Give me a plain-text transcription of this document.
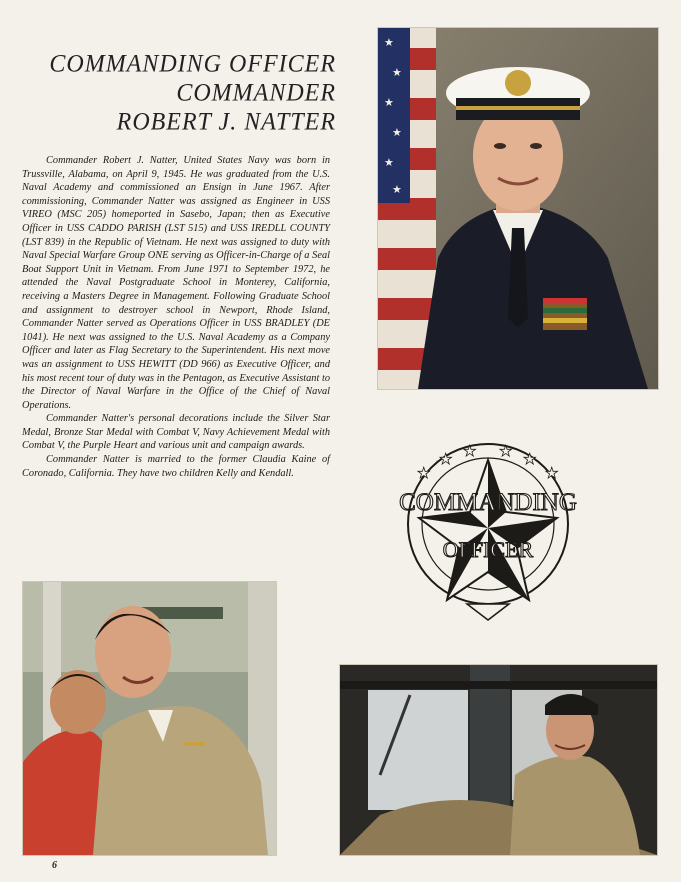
COMMANDING OFFICER
COMMANDER
ROBERT J. NATTER

Commander Robert J. Natter, United States Navy was born in Trussville, Alabama, on April 9, 1945. He was graduated from the U.S. Naval Academy and commissioned an Ensign in June 1967. After commissioning, Commander Natter was assigned as Engineer in USS VIREO (MSC 205) homeported in Sasebo, Japan; then as Executive Officer in USS CADDO PARISH (LST 515) and USS IREDLL COUNTY (LST 839) in the Republic of Vietnam. He next was assigned to duty with Naval Special Warfare Group ONE serving as Officer-in-Charge of a Seal Boat Support Unit in Vietnam. From June 1971 to September 1972, he attended the Naval Postgraduate School in Monterey, California, receiving a Masters Degree in Management. Following Graduate School and assignment to destroyer school in Newport, Rhode Island, Commander Natter served as Operations Officer in USS BRADLEY (DE 1041). He next was assigned to the U.S. Naval Academy as a Company Officer and later as Flag Secretary to the Superintendent. His next move was an assignment to USS HEWITT (DD 966) as Executive Officer, and his most recent tour of duty was in the Pentagon, as Executive Assistant to the Director of Naval Warfare in the Office of the Chief of Naval Operations.

Commander Natter's personal decorations include the Silver Star Medal, Bronze Star Medal with Combat V, Navy Achievement Medal with Combat V, the Purple Heart and various unit and campaign awards.

Commander Natter is married to the former Claudia Kaine of Coronado, California. They have two children Kelly and Kendall.

★
★
★
★
★
★
★
★ ★ ★ ★
★
COMMANDING
OFFICER
6
